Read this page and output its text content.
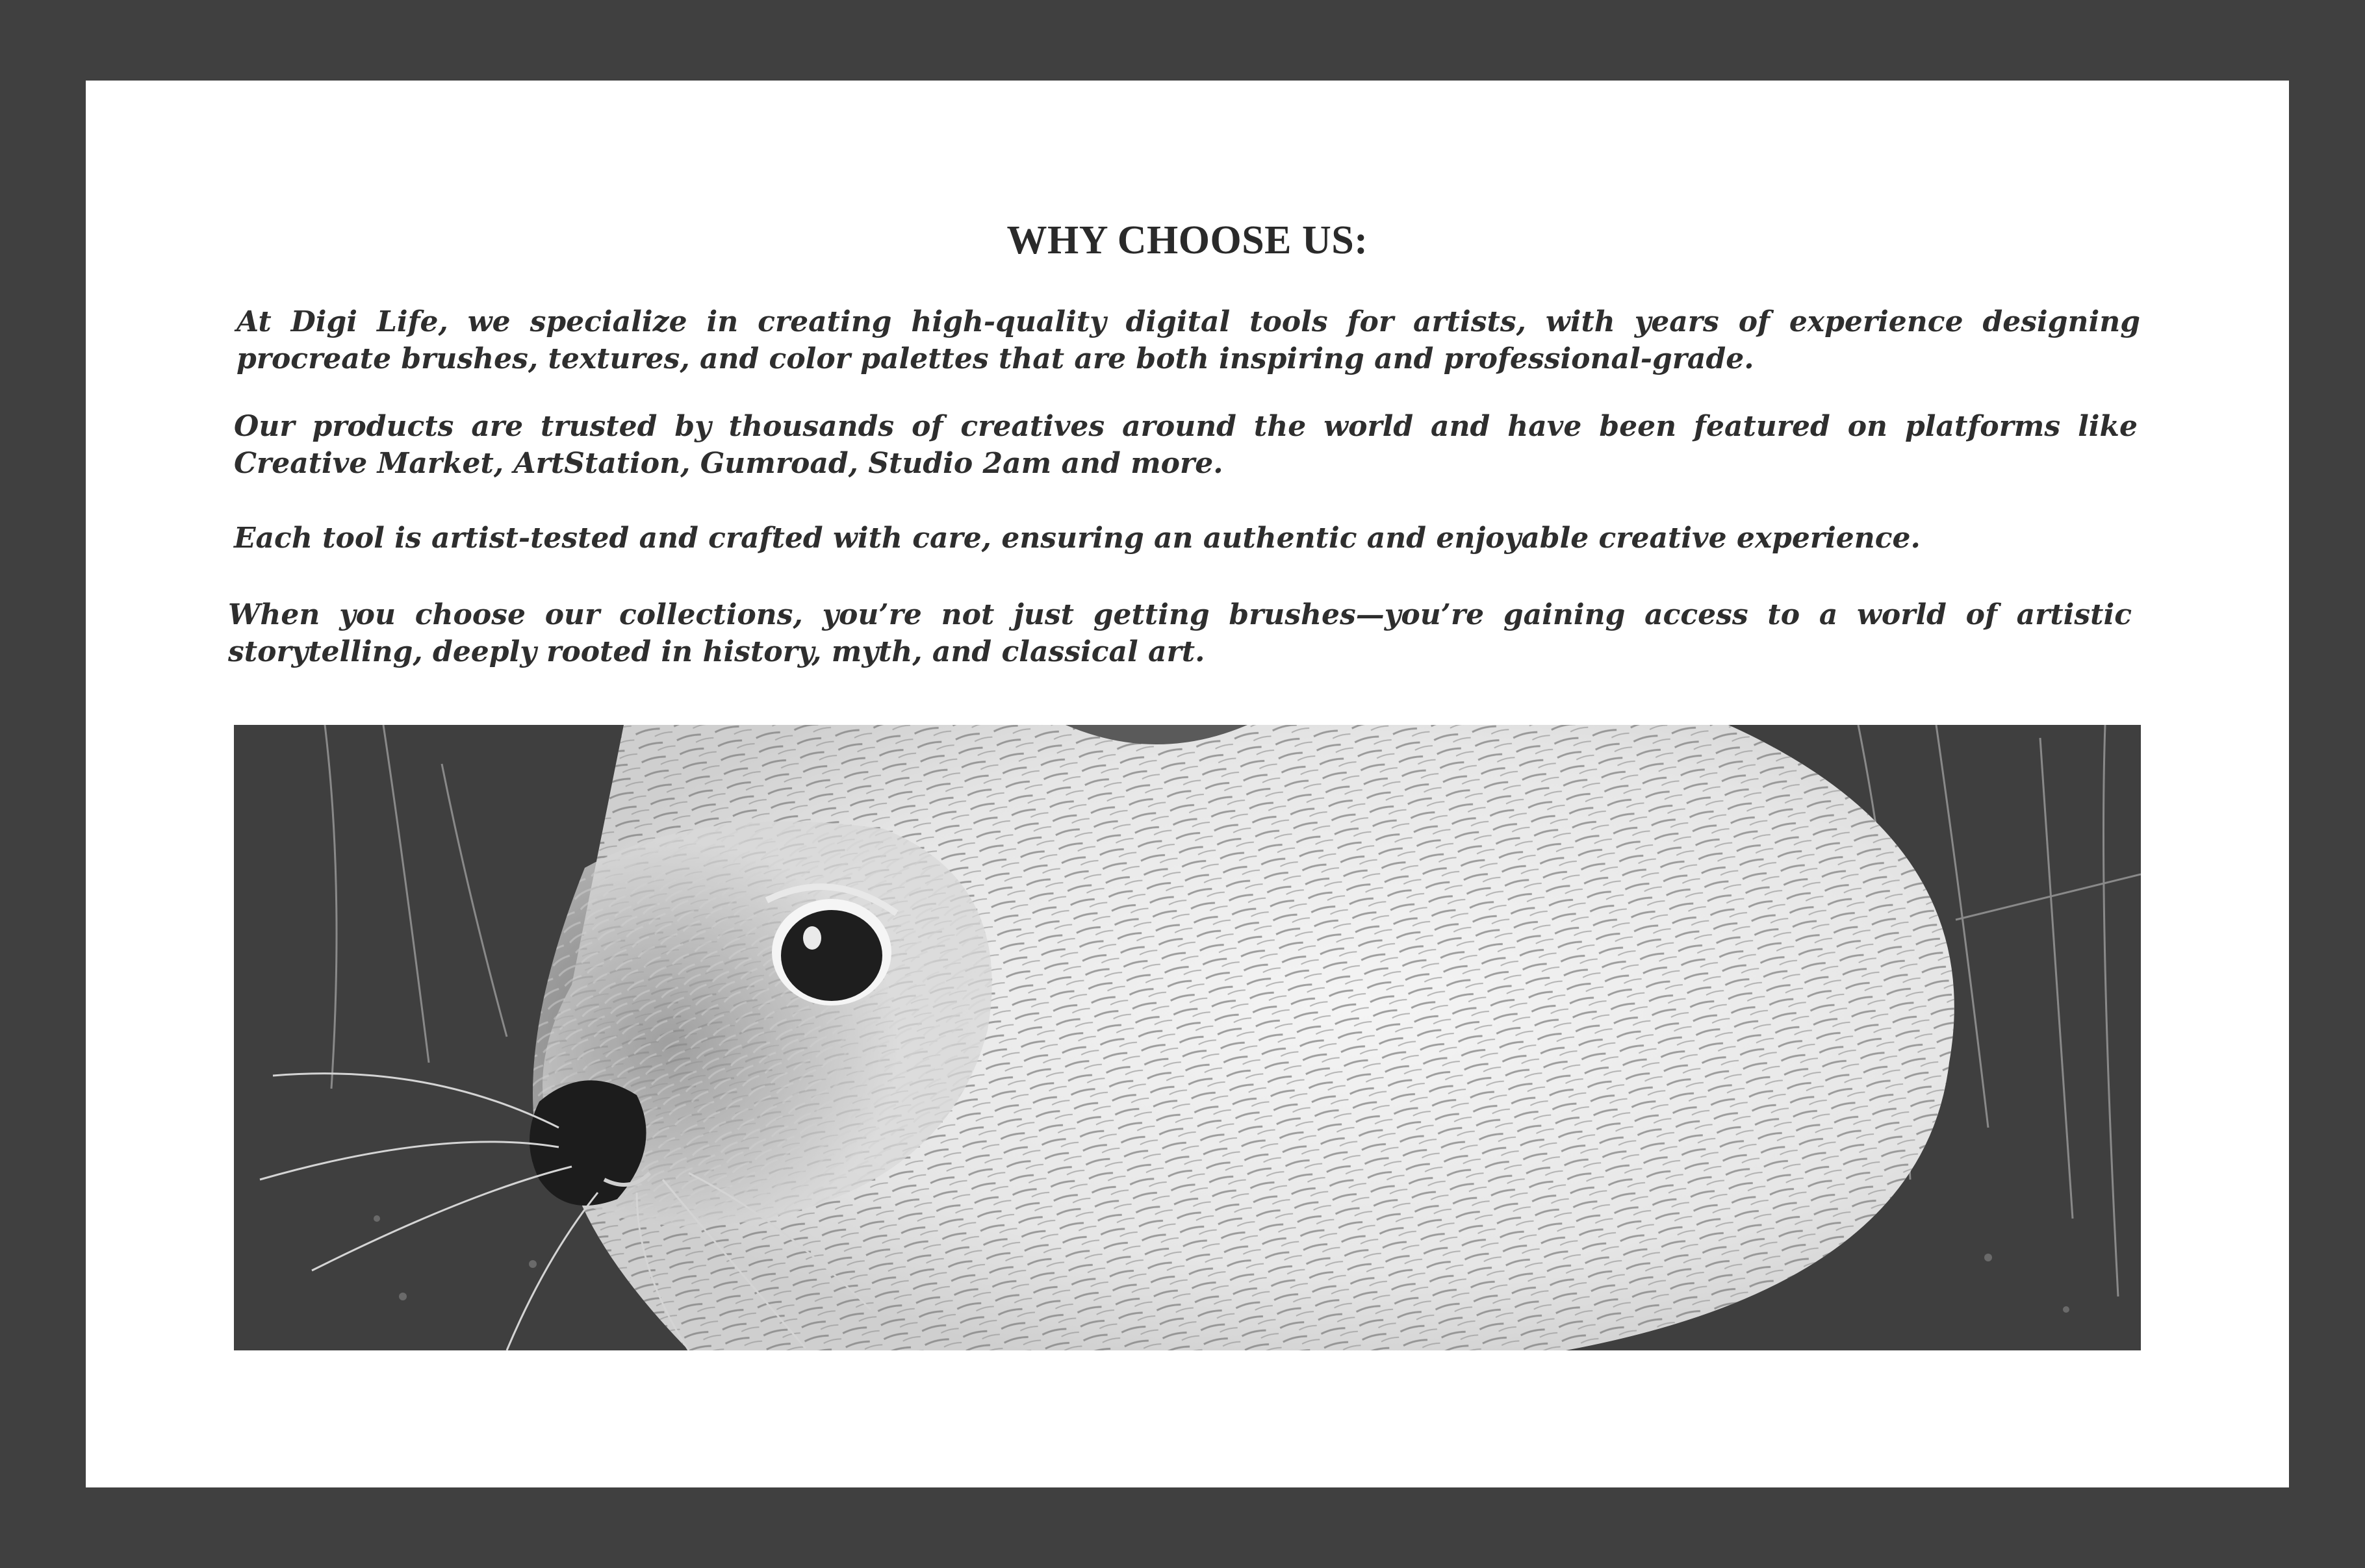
WHY CHOOSE US:

At Digi Life, we specialize in creating high-quality digital tools for artists, with years of experience designing procreate brushes, textures, and color palettes that are both inspiring and professional-grade.

Our products are trusted by thousands of creatives around the world and have been featured on platforms like Creative Market, ArtStation, Gumroad, Studio 2am and more.

Each tool is artist-tested and crafted with care, ensuring an authentic and enjoyable creative experience.

When you choose our collections, you’re not just getting brushes—you’re gaining access to a world of artistic storytelling, deeply rooted in history, myth, and classical art.
